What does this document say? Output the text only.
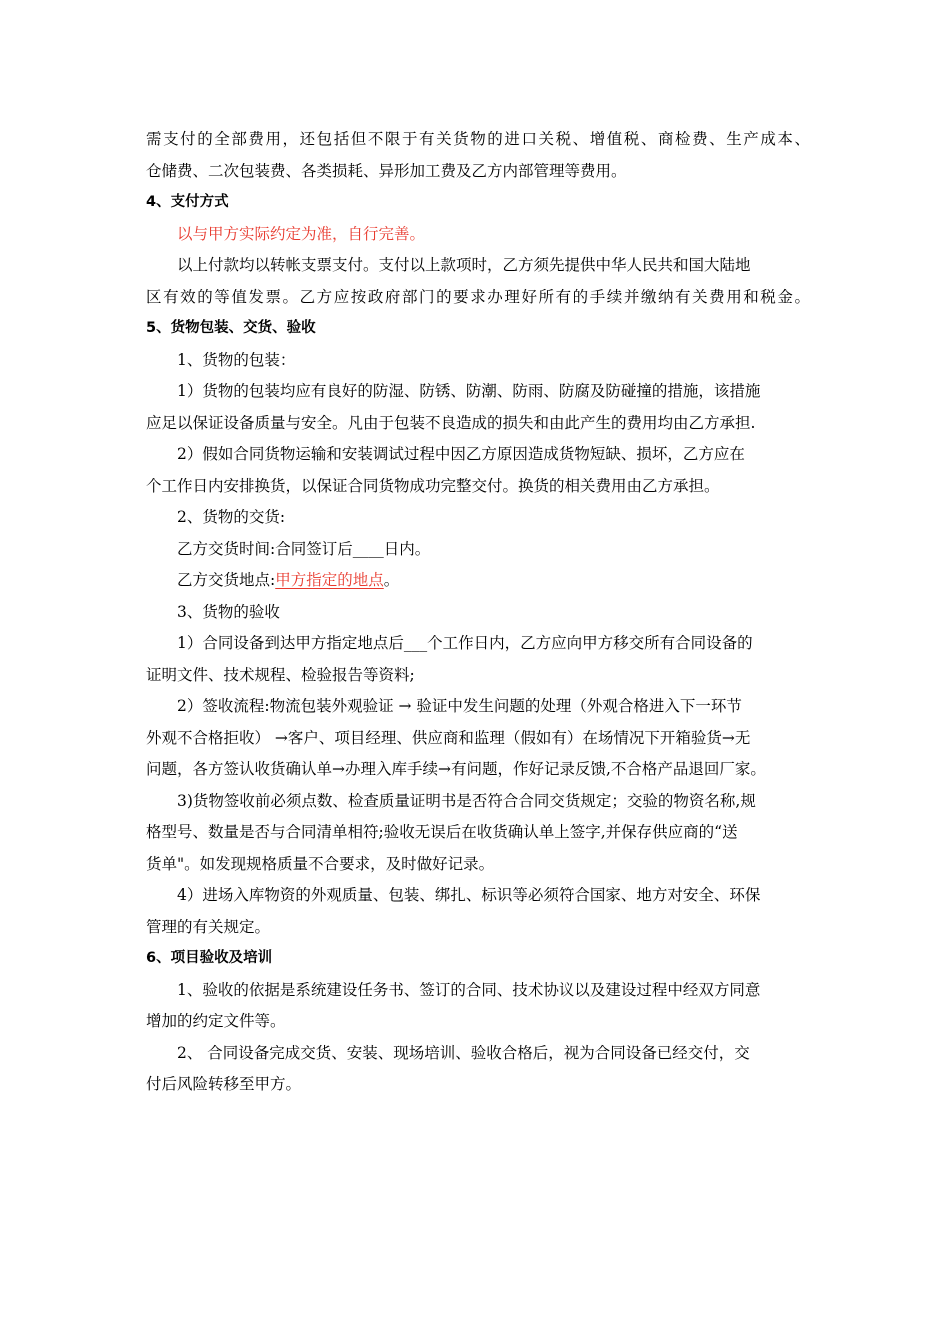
需支付的全部费用，还包括但不限于有关货物的进口关税、增值税、商检费、生产成本、
仓储费、二次包装费、各类损耗、异形加工费及乙方内部管理等费用。
4、支付方式
以与甲方实际约定为准，自行完善。
以上付款均以转帐支票支付。支付以上款项时，乙方须先提供中华人民共和国大陆地
区有效的等值发票。乙方应按政府部门的要求办理好所有的手续并缴纳有关费用和税金。
5、货物包装、交货、验收
1、货物的包装：
1）货物的包装均应有良好的防湿、防锈、防潮、防雨、防腐及防碰撞的措施，该措施
应足以保证设备质量与安全。凡由于包装不良造成的损失和由此产生的费用均由乙方承担.
2）假如合同货物运输和安装调试过程中因乙方原因造成货物短缺、损坏，乙方应在
个工作日内安排换货，以保证合同货物成功完整交付。换货的相关费用由乙方承担。
2、货物的交货:
乙方交货时间:合同签订后____日内。
乙方交货地点:甲方指定的地点。
3、货物的验收
1）合同设备到达甲方指定地点后___个工作日内，乙方应向甲方移交所有合同设备的
证明文件、技术规程、检验报告等资料;
2）签收流程:物流包装外观验证 → 验证中发生问题的处理（外观合格进入下一环节
外观不合格拒收） →客户、项目经理、供应商和监理（假如有）在场情况下开箱验货→无
问题，各方签认收货确认单→办理入库手续→有问题，作好记录反馈,不合格产品退回厂家。
3)货物签收前必须点数、检查质量证明书是否符合合同交货规定；交验的物资名称,规
格型号、数量是否与合同清单相符;验收无误后在收货确认单上签字,并保存供应商的“送
货单"。如发现规格质量不合要求，及时做好记录。
4）进场入库物资的外观质量、包装、绑扎、标识等必须符合国家、地方对安全、环保
管理的有关规定。
6、项目验收及培训
1、验收的依据是系统建设任务书、签订的合同、技术协议以及建设过程中经双方同意
增加的约定文件等。
2、 合同设备完成交货、安装、现场培训、验收合格后，视为合同设备已经交付，交
付后风险转移至甲方。
